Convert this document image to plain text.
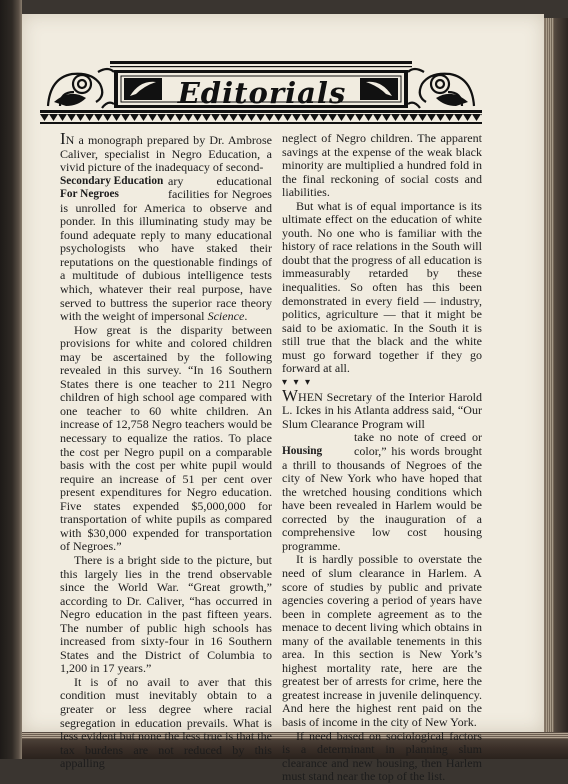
Editorials

IN a monograph prepared by Dr. Ambrose Caliver, specialist in Negro Education, a vivid picture of the inadequacy of second-

Secondary Education
For Negroes

ary educational facilities for Negroes is unrolled for America to observe and ponder. In this illuminating study may be found adequate reply to many educational psychologists who have staked their reputations on the questionable findings of a multitude of dubious intelligence tests which, whatever their real purpose, have served to buttress the superior race theory with the weight of impersonal Science.

How great is the disparity between provisions for white and colored children may be ascertained by the following revealed in this survey. “In 16 Southern States there is one teacher to 211 Negro children of high school age compared with one teacher to 60 white children. An increase of 12,758 Negro teachers would be necessary to equalize the ratios. To place the cost per Negro pupil on a comparable basis with the cost per white pupil would require an increase of 51 per cent over present expenditures for Negro education. Five states expended $5,000,000 for transportation of white pupils as compared with $30,000 expended for transportation of Negroes.”

There is a bright side to the picture, but this largely lies in the trend observable since the World War. “Great growth,” according to Dr. Caliver, “has occurred in Negro education in the past fifteen years. The number of public high schools has increased from sixty-four in 16 Southern States and the District of Columbia to 1,200 in 17 years.”

It is of no avail to aver that this condition must inevitably obtain to a greater or less degree where racial segregation in education prevails. What is less evident but none the less true is that the tax burdens are not reduced by this appalling

neglect of Negro children. The apparent savings at the expense of the weak black minority are multiplied a hundred fold in the final reckoning of social costs and liabilities.

But what is of equal importance is its ultimate effect on the education of white youth. No one who is familiar with the history of race relations in the South will doubt that the progress of all education is immeasurably retarded by these inequalities. So often has this been demonstrated in every field — industry, politics, agriculture — that it might be said to be axiomatic. In the South it is still true that the black and the white must go forward together if they go forward at all.

▾ ▾ ▾

WHEN Secretary of the Interior Harold L. Ickes in his Atlanta address said, “Our Slum Clearance Program will

Housing

take no note of creed or color,” his words brought a thrill to thousands of Negroes of the city of New York who have hoped that the wretched housing conditions which have been revealed in Harlem would be corrected by the inauguration of a comprehensive low cost housing programme.

It is hardly possible to overstate the need of slum clearance in Harlem. A score of studies by public and private agencies covering a period of years have been in complete agreement as to the menace to decent living which obtains in many of the available tenements in this area. In this section is New York’s highest mortality rate, here are the greatest ber of arrests for crime, here the greatest increase in juvenile delinquency. And here the highest rent paid on the basis of income in the city of New York.

If need based on sociological factors is a determinant in planning slum clearance and new housing, then Harlem must stand near the top of the list.
